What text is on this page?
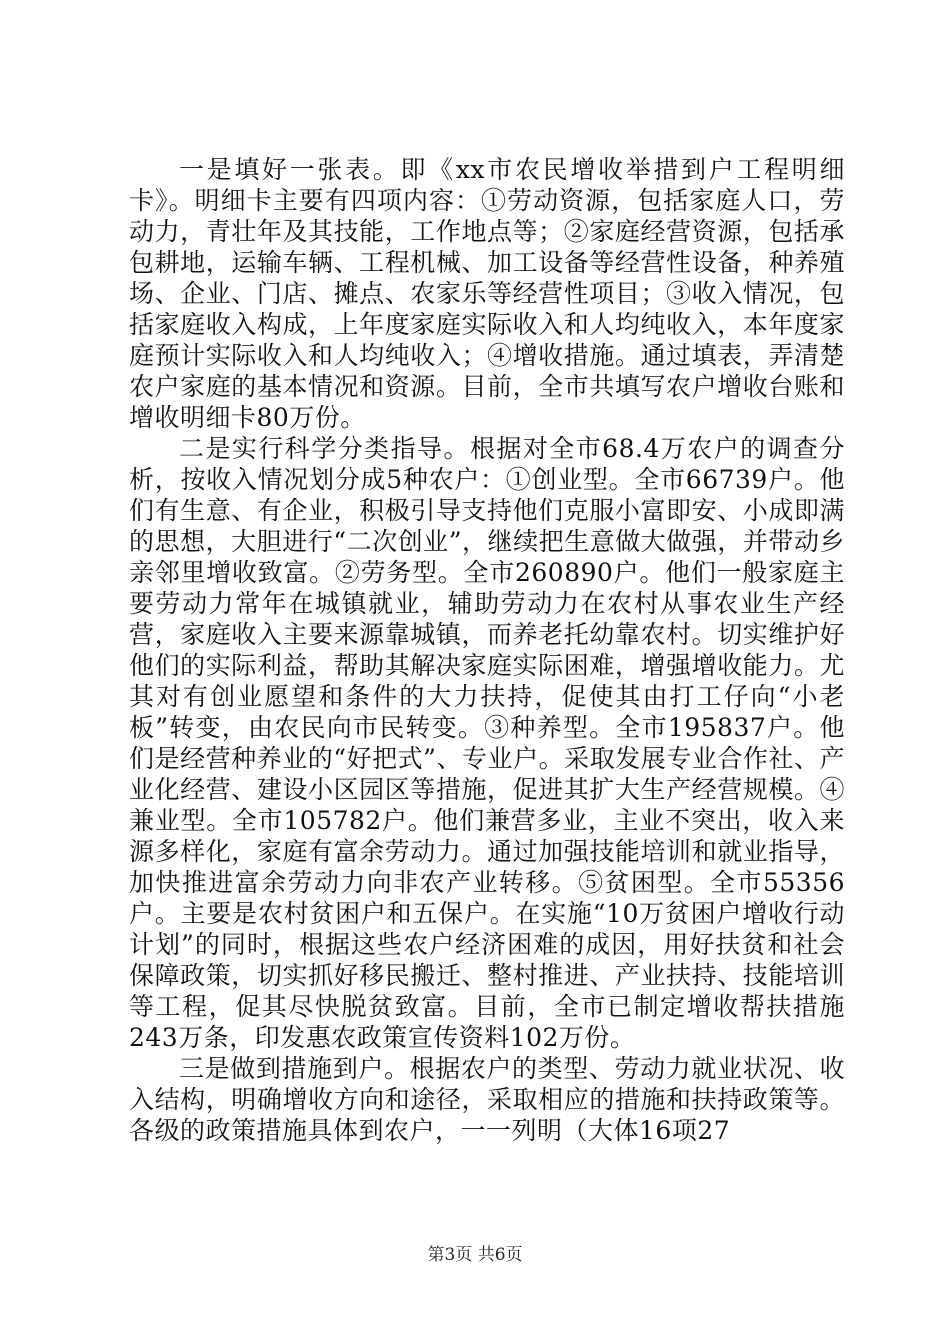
一是填好一张表。即《xx市农民增收举措到户工程明细卡》。明细卡主要有四项内容：①劳动资源，包括家庭人口，劳动力，青壮年及其技能，工作地点等；②家庭经营资源，包括承包耕地，运输车辆、工程机械、加工设备等经营性设备，种养殖场、企业、门店、摊点、农家乐等经营性项目；③收入情况，包括家庭收入构成，上年度家庭实际收入和人均纯收入，本年度家庭预计实际收入和人均纯收入；④增收措施。通过填表，弄清楚农户家庭的基本情况和资源。目前，全市共填写农户增收台账和增收明细卡80万份。

二是实行科学分类指导。根据对全市68.4万农户的调查分析，按收入情况划分成5种农户：①创业型。全市66739户。他们有生意、有企业，积极引导支持他们克服小富即安、小成即满的思想，大胆进行“二次创业”，继续把生意做大做强，并带动乡亲邻里增收致富。②劳务型。全市260890户。他们一般家庭主要劳动力常年在城镇就业，辅助劳动力在农村从事农业生产经营，家庭收入主要来源靠城镇，而养老托幼靠农村。切实维护好他们的实际利益，帮助其解决家庭实际困难，增强增收能力。尤其对有创业愿望和条件的大力扶持，促使其由打工仔向“小老板”转变，由农民向市民转变。③种养型。全市195837户。他们是经营种养业的“好把式”、专业户。采取发展专业合作社、产业化经营、建设小区园区等措施，促进其扩大生产经营规模。④兼业型。全市105782户。他们兼营多业，主业不突出，收入来源多样化，家庭有富余劳动力。通过加强技能培训和就业指导，加快推进富余劳动力向非农产业转移。⑤贫困型。全市55356户。主要是农村贫困户和五保户。在实施“10万贫困户增收行动计划”的同时，根据这些农户经济困难的成因，用好扶贫和社会保障政策，切实抓好移民搬迁、整村推进、产业扶持、技能培训等工程，促其尽快脱贫致富。目前，全市已制定增收帮扶措施243万条，印发惠农政策宣传资料102万份。

三是做到措施到户。根据农户的类型、劳动力就业状况、收入结构，明确增收方向和途径，采取相应的措施和扶持政策等。各级的政策措施具体到农户，一一列明（大体16项27

第3页 共6页
